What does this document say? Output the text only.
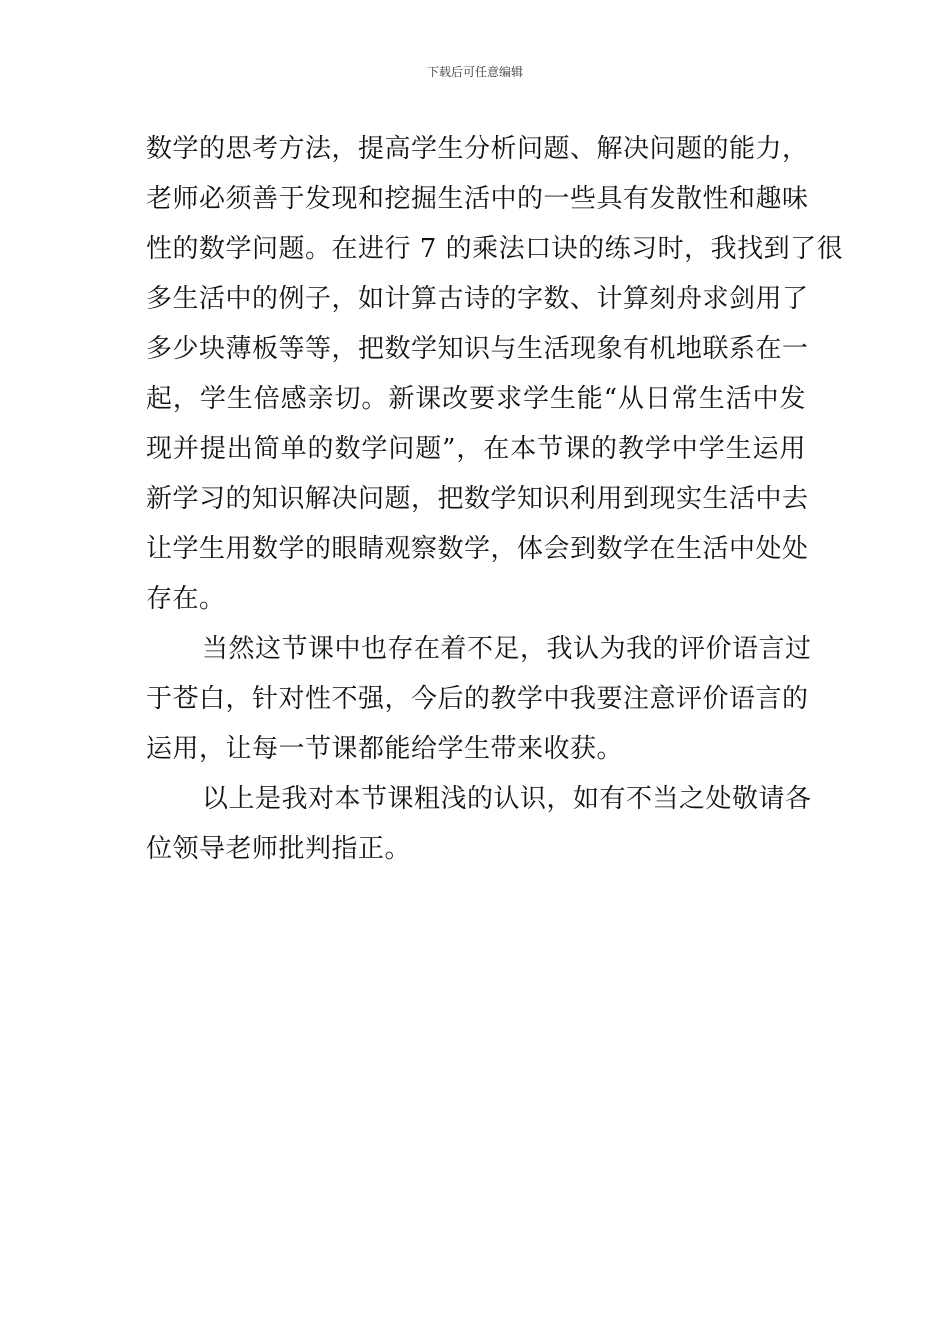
下载后可任意编辑
数学的思考方法，提高学生分析问题、解决问题的能力，
老师必须善于发现和挖掘生活中的一些具有发散性和趣味
性的数学问题。在进行 7 的乘法口诀的练习时，我找到了很
多生活中的例子，如计算古诗的字数、计算刻舟求剑用了
多少块薄板等等，把数学知识与生活现象有机地联系在一
起，学生倍感亲切。新课改要求学生能“从日常生活中发
现并提出简单的数学问题”，在本节课的教学中学生运用
新学习的知识解决问题，把数学知识利用到现实生活中去
让学生用数学的眼睛观察数学，体会到数学在生活中处处
存在。
当然这节课中也存在着不足，我认为我的评价语言过
于苍白，针对性不强，今后的教学中我要注意评价语言的
运用，让每一节课都能给学生带来收获。
以上是我对本节课粗浅的认识，如有不当之处敬请各
位领导老师批判指正。
